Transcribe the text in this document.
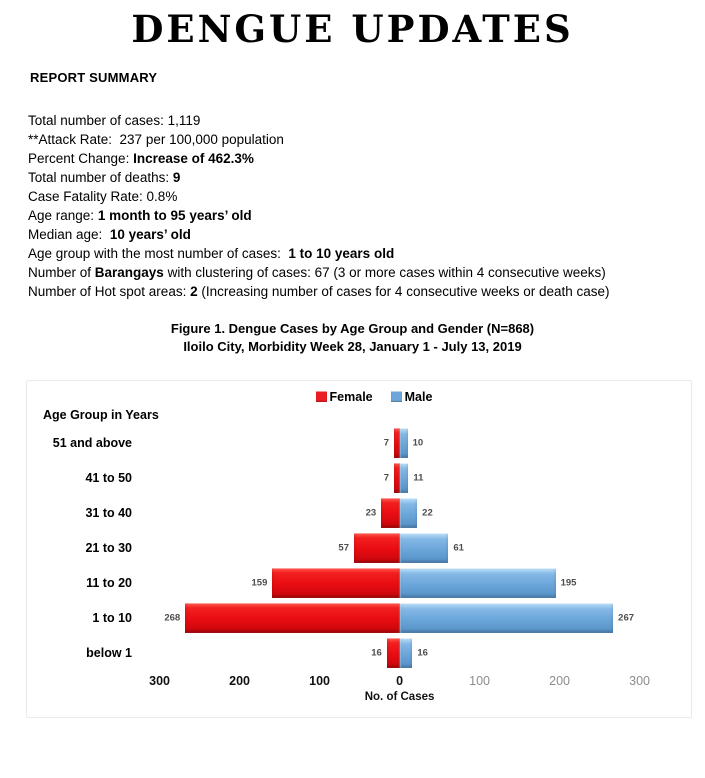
DENGUE UPDATES
REPORT SUMMARY
Total number of cases: 1,119
**Attack Rate:  237 per 100,000 population
Percent Change: Increase of 462.3%
Total number of deaths: 9
Case Fatality Rate: 0.8%
Age range: 1 month to 95 years’ old
Median age:  10 years’ old
Age group with the most number of cases:  1 to 10 years old
Number of Barangays with clustering of cases: 67 (3 or more cases within 4 consecutive weeks)
Number of Hot spot areas: 2 (Increasing number of cases for 4 consecutive weeks or death case)
Figure 1. Dengue Cases by Age Group and Gender (N=868)
Iloilo City, Morbidity Week 28, January 1 - July 13, 2019
Female	Male
Age Group in Years
51 and above	7 10
41 to 50	7	11
31 to 40	23	22
21 to 30	57	61
11 to 20	159	195
1 to 10	268	267
below 1	16	16
300	200	100	0	100	200	300
No. of Cases
